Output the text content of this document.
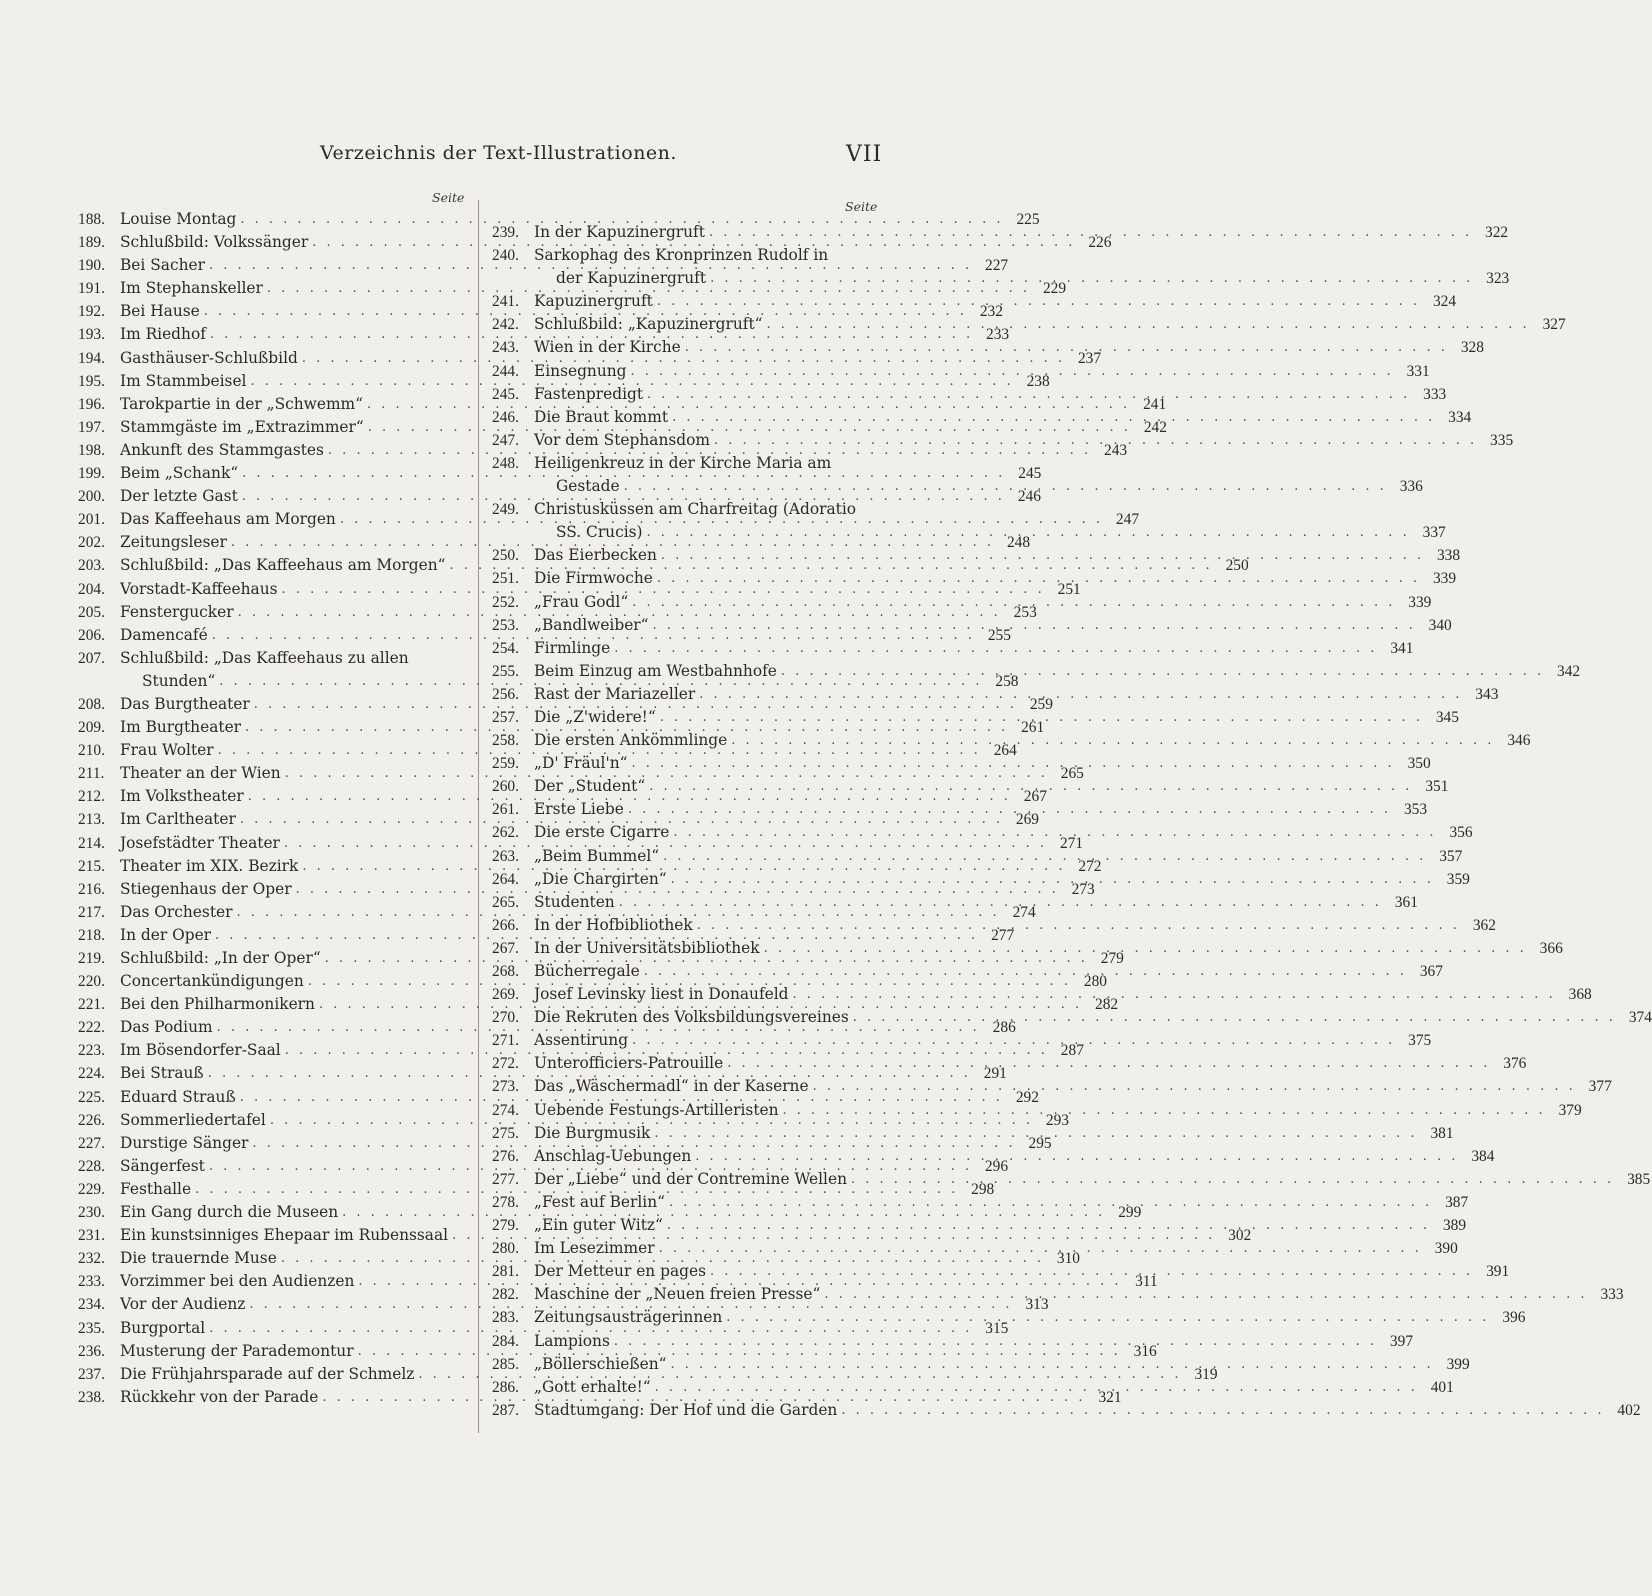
Verzeichnis der Text-Illustrationen.	VII
Seite
Seite
188. Louise Montag . . .	225
189. Schlußbild: Volkssänger . . .	226
190. Bei Sacher . . .	227
191. Im Stephanskeller . . .	229
192. Bei Hause . . .	232
193. Im Riedhof . . .	233
194. Gasthäuser-Schlußbild . . .	237
195. Im Stammbeisel . . .	238
196. Tarokpartie in der „Schwemm“ . . .	241
197. Stammgäste im „Extrazimmer“ . . .	242
198. Ankunft des Stammgastes . . .	243
199. Beim „Schank“ . . .	245
200. Der letzte Gast . . .	246
201. Das Kaffeehaus am Morgen . . .	247
202. Zeitungsleser . . .	248
203. Schlußbild: „Das Kaffeehaus am Morgen“ . . .	250
204. Vorstadt-Kaffeehaus . . .	251
205. Fenstergucker . . .	253
206. Damencafé . . .	255
207. Schlußbild: „Das Kaffeehaus zu allen
Stunden“ . . .	258
208. Das Burgtheater . . .	259
209. Im Burgtheater . . .	261
210. Frau Wolter . . .	264
211.	Theater an der Wien . . .	265
212. Im Volkstheater . . .	267
213. Im Carltheater . . .	269
214. Josefstädter Theater . . .	271
215. Theater im XIX. Bezirk . . .	272
216. Stiegenhaus der Oper . . .	273
217. Das Orchester . . .	274
218. In der Oper . . .	277
219. Schlußbild: „In der Oper“ . . .	279
220. Concertankündigungen . . .	280
221. Bei den Philharmonikern . . .	282
222. Das Podium . . .	286
223. Im Bösendorfer-Saal . . .	287
224. Bei Strauß . . .	291
225. Eduard Strauß . . .	292
226. Sommerliedertafel . . .	293
227. Durstige Sänger . . .	295
228. Sängerfest . . .	296
229. Festhalle . . .	298
230. Ein Gang durch die Museen . . .	299
231. Ein kunstsinniges Ehepaar im Rubenssaal . . .	302
232. Die trauernde Muse . . .	310
233. Vorzimmer bei den Audienzen . . .	311
234. Vor der Audienz . . .	313
235. Burgportal . . .	315
236. Musterung der Parademontur . . .	316
237. Die Frühjahrsparade auf der Schmelz . . .	319
238. Rückkehr von der Parade . . .	321
239. In der Kapuzinergruft . . .	322
240. Sarkophag des Kronprinzen Rudolf in
der Kapuzinergruft . . .	323
241. Kapuzinergruft . . .	324
242. Schlußbild: „Kapuzinergruft“ . . .	327
243. Wien in der Kirche . . .	328
244. Einsegnung . . .	331
245. Fastenpredigt . . .	333
246. Die Braut kommt . . .	334
247. Vor dem Stephansdom . . .	335
248. Heiligenkreuz in der Kirche Maria am
Gestade . . .	336
249. Christusküssen am Charfreitag (Adoratio
SS. Crucis) . . .	337
250. Das Eierbecken . . .	338
251. Die Firmwoche . . .	339
252. „Frau Godl“ . . .	339
253. „Bandlweiber“ . . .	340
254. Firmlinge . . .	341
255. Beim Einzug am Westbahnhofe . . .	342
256. Rast der Mariazeller . . .	343
257. Die „Z'widere!“ . . .	345
258. Die ersten Ankömmlinge . . .	346
259. „D' Fräul'n“ . . .	350
260. Der „Student“ . . .	351
261. Erste Liebe . . .	353
262. Die erste Cigarre . . .	356
263. „Beim Bummel“ . . .	357
264. „Die Chargirten“ . . .	359
265. Studenten . . .	361
266. In der Hofbibliothek . . .	362
267. In der Universitätsbibliothek . . .	366
268. Bücherregale . . .	367
269. Josef Levinsky liest in Donaufeld . . .	368
270. Die Rekruten des Volksbildungsvereines . . .	374
271. Assentirung . . .	375
272. Unterofficiers-Patrouille . . .	376
273. Das „Wäschermadl“ in der Kaserne . . .	377
274. Uebende Festungs-Artilleristen . . .	379
275. Die Burgmusik . . .	381
276. Anschlag-Uebungen . . .	384
277. Der „Liebe“ und der Contremine Wellen . . .	385
278. „Fest auf Berlin“ . . .	387
279. „Ein guter Witz“ . . .	389
280. Im Lesezimmer . . .	390
281. Der Metteur en pages . . .	391
282. Maschine der „Neuen freien Presse“ . . .	333
283. Zeitungsausträgerinnen . . .	396
284. Lampions . . .	397
285. „Böllerschießen“ . . .	399
286. „Gott erhalte!“ . . .	401
287. Stadtumgang: Der Hof und die Garden . . .	402
